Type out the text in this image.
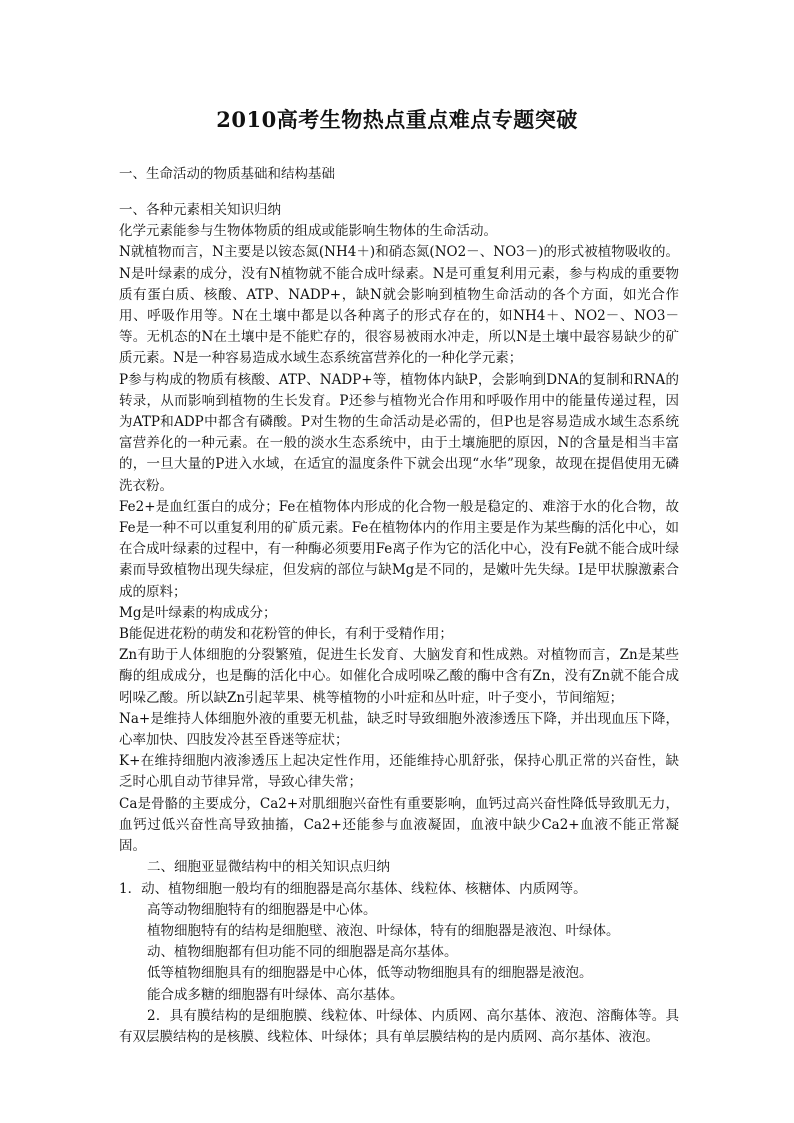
2010高考生物热点重点难点专题突破
一、生命活动的物质基础和结构基础

一、各种元素相关知识归纳

化学元素能参与生物体物质的组成或能影响生物体的生命活动。

N就植物而言，N主要是以铵态氮(NH4＋)和硝态氮(NO2－、NO3－)的形式被植物吸收的。N是叶绿素的成分，没有N植物就不能合成叶绿素。N是可重复利用元素，参与构成的重要物质有蛋白质、核酸、ATP、NADP+，缺N就会影响到植物生命活动的各个方面，如光合作用、呼吸作用等。N在土壤中都是以各种离子的形式存在的，如NH4＋、NO2－、NO3－等。无机态的N在土壤中是不能贮存的，很容易被雨水冲走，所以N是土壤中最容易缺少的矿质元素。N是一种容易造成水域生态系统富营养化的一种化学元素；

P参与构成的物质有核酸、ATP、NADP+等，植物体内缺P，会影响到DNA的复制和RNA的转录，从而影响到植物的生长发育。P还参与植物光合作用和呼吸作用中的能量传递过程，因为ATP和ADP中都含有磷酸。P对生物的生命活动是必需的，但P也是容易造成水域生态系统富营养化的一种元素。在一般的淡水生态系统中，由于土壤施肥的原因，N的含量是相当丰富的，一旦大量的P进入水域，在适宜的温度条件下就会出现“水华”现象，故现在提倡使用无磷洗衣粉。

Fe2+是血红蛋白的成分；Fe在植物体内形成的化合物一般是稳定的、难溶于水的化合物，故Fe是一种不可以重复利用的矿质元素。Fe在植物体内的作用主要是作为某些酶的活化中心，如在合成叶绿素的过程中，有一种酶必须要用Fe离子作为它的活化中心，没有Fe就不能合成叶绿素而导致植物出现失绿症，但发病的部位与缺Mg是不同的，是嫩叶先失绿。I是甲状腺激素合成的原料；

Mg是叶绿素的构成成分；

B能促进花粉的萌发和花粉管的伸长，有利于受精作用；

Zn有助于人体细胞的分裂繁殖，促进生长发育、大脑发育和性成熟。对植物而言，Zn是某些酶的组成成分，也是酶的活化中心。如催化合成吲哚乙酸的酶中含有Zn，没有Zn就不能合成吲哚乙酸。所以缺Zn引起苹果、桃等植物的小叶症和丛叶症，叶子变小，节间缩短；

Na+是维持人体细胞外液的重要无机盐，缺乏时导致细胞外液渗透压下降，并出现血压下降，心率加快、四肢发冷甚至昏迷等症状；

K+在维持细胞内液渗透压上起决定性作用，还能维持心肌舒张，保持心肌正常的兴奋性，缺乏时心肌自动节律异常，导致心律失常；

Ca是骨骼的主要成分，Ca2+对肌细胞兴奋性有重要影响，血钙过高兴奋性降低导致肌无力，血钙过低兴奋性高导致抽搐，Ca2+还能参与血液凝固，血液中缺少Ca2+血液不能正常凝固。

二、细胞亚显微结构中的相关知识点归纳

1．动、植物细胞一般均有的细胞器是高尔基体、线粒体、核糖体、内质网等。

高等动物细胞特有的细胞器是中心体。

植物细胞特有的结构是细胞壁、液泡、叶绿体，特有的细胞器是液泡、叶绿体。

动、植物细胞都有但功能不同的细胞器是高尔基体。

低等植物细胞具有的细胞器是中心体，低等动物细胞具有的细胞器是液泡。

能合成多糖的细胞器有叶绿体、高尔基体。

2．具有膜结构的是细胞膜、线粒体、叶绿体、内质网、高尔基体、液泡、溶酶体等。具有双层膜结构的是核膜、线粒体、叶绿体；具有单层膜结构的是内质网、高尔基体、液泡。
